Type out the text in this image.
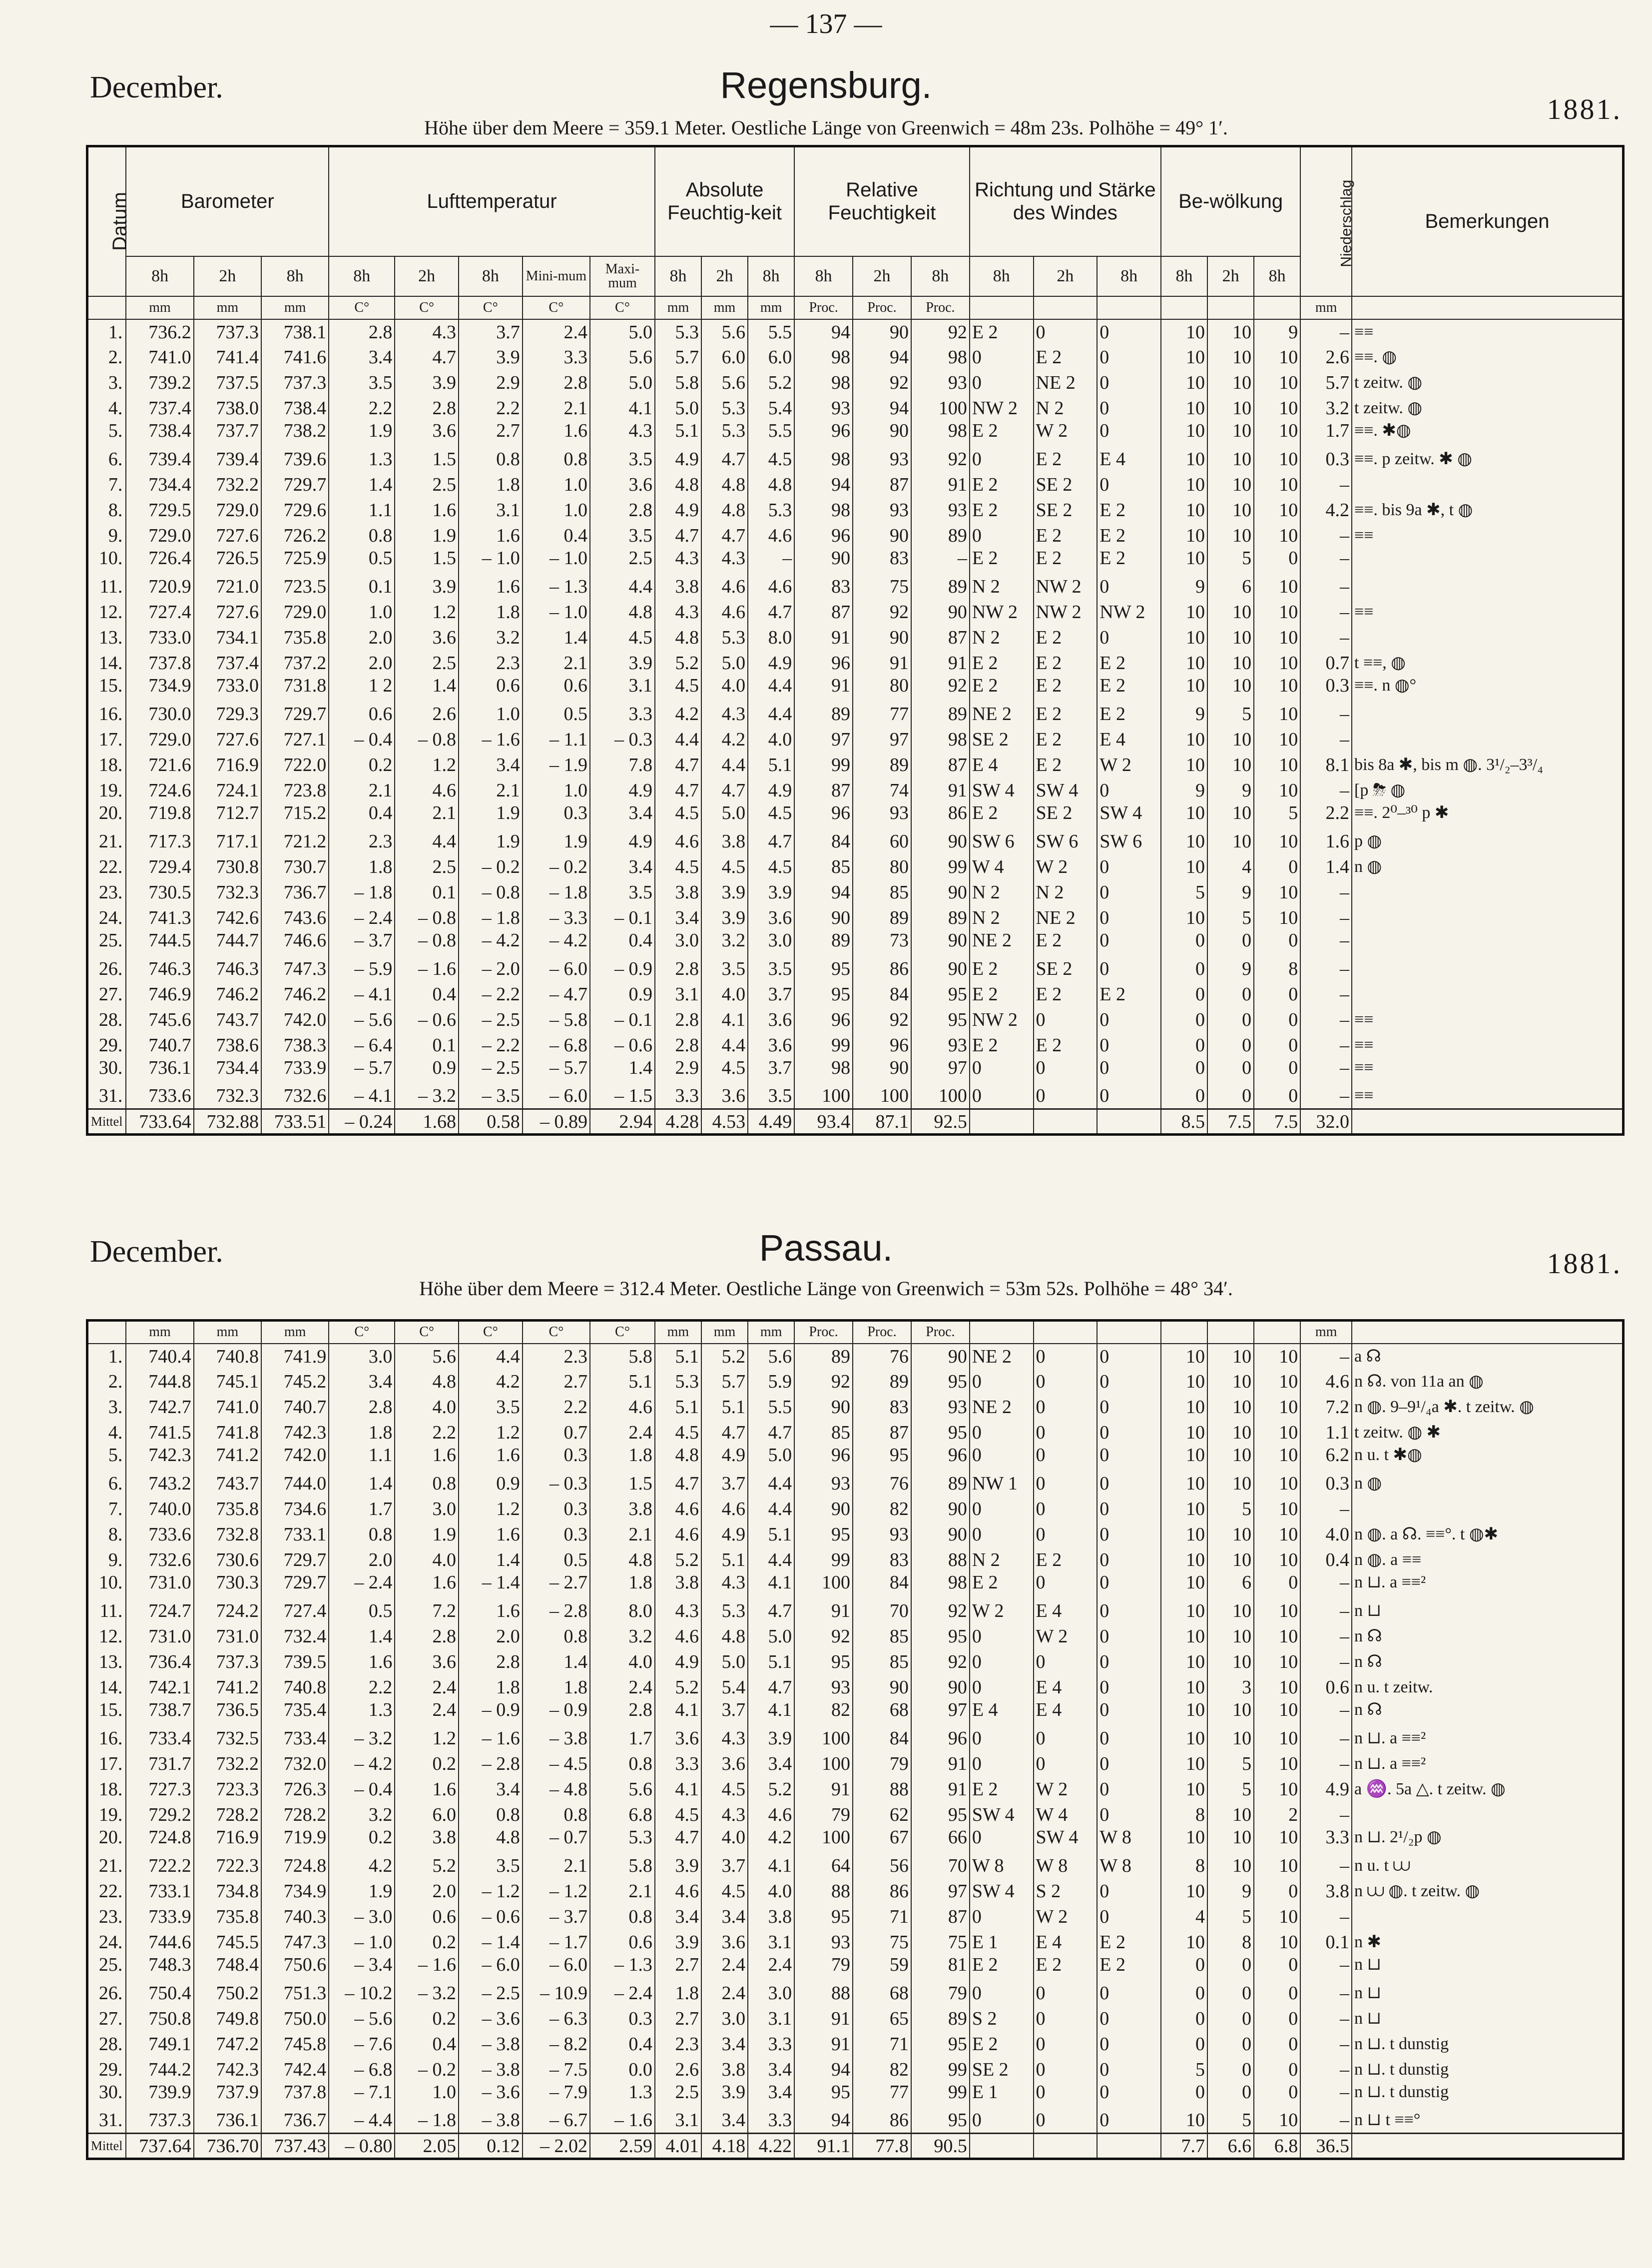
— 137 —
December.	Regensburg.
1881.
Höhe über dem Meere = 359.1 Meter. Oestliche Länge von Greenwich = 48m 23s. Polhöhe = 49° 1′.
Datum	Barometer			Lufttemperatur					Absolute Feuchtig-keit			Relative Feuchtigkeit			Richtung und Stärke des Windes			Be-wölkung			Niederschlag	Bemerkungen
	8h	2h	8h	8h	2h	8h	Mini-mum	Maxi-mum	8h	2h	8h	8h	2h	8h	8h	2h	8h	8h	2h	8h		
	mm	mm	mm	C°	C°	C°	C°	C°	mm	mm	mm	Proc.	Proc.	Proc.							mm	
1.	736.2	737.3	738.1	2.8	4.3	3.7	2.4	5.0	5.3	5.6	5.5	94	90	92	E 2	0	0	10	10	9	–	≡≡
2.	741.0	741.4	741.6	3.4	4.7	3.9	3.3	5.6	5.7	6.0	6.0	98	94	98	0	E 2	0	10	10	10	2.6	≡≡. ◍
3.	739.2	737.5	737.3	3.5	3.9	2.9	2.8	5.0	5.8	5.6	5.2	98	92	93	0	NE 2	0	10	10	10	5.7	t zeitw. ◍
4.	737.4	738.0	738.4	2.2	2.8	2.2	2.1	4.1	5.0	5.3	5.4	93	94	100	NW 2	N 2	0	10	10	10	3.2	t zeitw. ◍
5.	738.4	737.7	738.2	1.9	3.6	2.7	1.6	4.3	5.1	5.3	5.5	96	90	98	E 2	W 2	0	10	10	10	1.7	≡≡. ✱◍
6.	739.4	739.4	739.6	1.3	1.5	0.8	0.8	3.5	4.9	4.7	4.5	98	93	92	0	E 2	E 4	10	10	10	0.3	≡≡. p zeitw. ✱ ◍
7.	734.4	732.2	729.7	1.4	2.5	1.8	1.0	3.6	4.8	4.8	4.8	94	87	91	E 2	SE 2	0	10	10	10	–	
8.	729.5	729.0	729.6	1.1	1.6	3.1	1.0	2.8	4.9	4.8	5.3	98	93	93	E 2	SE 2	E 2	10	10	10	4.2	≡≡. bis 9a ✱, t ◍
9.	729.0	727.6	726.2	0.8	1.9	1.6	0.4	3.5	4.7	4.7	4.6	96	90	89	0	E 2	E 2	10	10	10	–	≡≡
10.	726.4	726.5	725.9	0.5	1.5	– 1.0	– 1.0	2.5	4.3	4.3	–	90	83	–	E 2	E 2	E 2	10	5	0	–	
11.	720.9	721.0	723.5	0.1	3.9	1.6	– 1.3	4.4	3.8	4.6	4.6	83	75	89	N 2	NW 2	0	9	6	10	–	
12.	727.4	727.6	729.0	1.0	1.2	1.8	– 1.0	4.8	4.3	4.6	4.7	87	92	90	NW 2	NW 2	NW 2	10	10	10	–	≡≡
13.	733.0	734.1	735.8	2.0	3.6	3.2	1.4	4.5	4.8	5.3	8.0	91	90	87	N 2	E 2	0	10	10	10	–	
14.	737.8	737.4	737.2	2.0	2.5	2.3	2.1	3.9	5.2	5.0	4.9	96	91	91	E 2	E 2	E 2	10	10	10	0.7	t ≡≡, ◍
15.	734.9	733.0	731.8	1 2	1.4	0.6	0.6	3.1	4.5	4.0	4.4	91	80	92	E 2	E 2	E 2	10	10	10	0.3	≡≡. n ◍°
16.	730.0	729.3	729.7	0.6	2.6	1.0	0.5	3.3	4.2	4.3	4.4	89	77	89	NE 2	E 2	E 2	9	5	10	–	
17.	729.0	727.6	727.1	– 0.4	– 0.8	– 1.6	– 1.1	– 0.3	4.4	4.2	4.0	97	97	98	SE 2	E 2	E 4	10	10	10	–	
18.	721.6	716.9	722.0	0.2	1.2	3.4	– 1.9	7.8	4.7	4.4	5.1	99	89	87	E 4	E 2	W 2	10	10	10	8.1	bis 8a ✱, bis m ◍. 3¹/₂–3³/₄
19.	724.6	724.1	723.8	2.1	4.6	2.1	1.0	4.9	4.7	4.7	4.9	87	74	91	SW 4	SW 4	0	9	9	10	–	[p ⛈ ◍
20.	719.8	712.7	715.2	0.4	2.1	1.9	0.3	3.4	4.5	5.0	4.5	96	93	86	E 2	SE 2	SW 4	10	10	5	2.2	≡≡. 2⁰–³⁰ p ✱
21.	717.3	717.1	721.2	2.3	4.4	1.9	1.9	4.9	4.6	3.8	4.7	84	60	90	SW 6	SW 6	SW 6	10	10	10	1.6	p ◍
22.	729.4	730.8	730.7	1.8	2.5	– 0.2	– 0.2	3.4	4.5	4.5	4.5	85	80	99	W 4	W 2	0	10	4	0	1.4	n ◍
23.	730.5	732.3	736.7	– 1.8	0.1	– 0.8	– 1.8	3.5	3.8	3.9	3.9	94	85	90	N 2	N 2	0	5	9	10	–	
24.	741.3	742.6	743.6	– 2.4	– 0.8	– 1.8	– 3.3	– 0.1	3.4	3.9	3.6	90	89	89	N 2	NE 2	0	10	5	10	–	
25.	744.5	744.7	746.6	– 3.7	– 0.8	– 4.2	– 4.2	0.4	3.0	3.2	3.0	89	73	90	NE 2	E 2	0	0	0	0	–	
26.	746.3	746.3	747.3	– 5.9	– 1.6	– 2.0	– 6.0	– 0.9	2.8	3.5	3.5	95	86	90	E 2	SE 2	0	0	9	8	–	
27.	746.9	746.2	746.2	– 4.1	0.4	– 2.2	– 4.7	0.9	3.1	4.0	3.7	95	84	95	E 2	E 2	E 2	0	0	0	–	
28.	745.6	743.7	742.0	– 5.6	– 0.6	– 2.5	– 5.8	– 0.1	2.8	4.1	3.6	96	92	95	NW 2	0	0	0	0	0	–	≡≡
29.	740.7	738.6	738.3	– 6.4	0.1	– 2.2	– 6.8	– 0.6	2.8	4.4	3.6	99	96	93	E 2	E 2	0	0	0	0	–	≡≡
30.	736.1	734.4	733.9	– 5.7	0.9	– 2.5	– 5.7	1.4	2.9	4.5	3.7	98	90	97	0	0	0	0	0	0	–	≡≡
31.	733.6	732.3	732.6	– 4.1	– 3.2	– 3.5	– 6.0	– 1.5	3.3	3.6	3.5	100	100	100	0	0	0	0	0	0	–	≡≡
Mittel	733.64	732.88	733.51	– 0.24	1.68	0.58	– 0.89	2.94	4.28	4.53	4.49	93.4	87.1	92.5				8.5	7.5	7.5	32.0	
December.	Passau.	1881.
Höhe über dem Meere = 312.4 Meter. Oestliche Länge von Greenwich = 53m 52s. Polhöhe = 48° 34′.
	mm	mm	mm	C°	C°	C°	C°	C°	mm	mm	mm	Proc.	Proc.	Proc.							mm	
1.	740.4	740.8	741.9	3.0	5.6	4.4	2.3	5.8	5.1	5.2	5.6	89	76	90	NE 2	0	0	10	10	10	–	a ☊
2.	744.8	745.1	745.2	3.4	4.8	4.2	2.7	5.1	5.3	5.7	5.9	92	89	95	0	0	0	10	10	10	4.6	n ☊. von 11a an ◍
3.	742.7	741.0	740.7	2.8	4.0	3.5	2.2	4.6	5.1	5.1	5.5	90	83	93	NE 2	0	0	10	10	10	7.2	n ◍. 9–9¹/₄a ✱. t zeitw. ◍
4.	741.5	741.8	742.3	1.8	2.2	1.2	0.7	2.4	4.5	4.7	4.7	85	87	95	0	0	0	10	10	10	1.1	t zeitw. ◍ ✱
5.	742.3	741.2	742.0	1.1	1.6	1.6	0.3	1.8	4.8	4.9	5.0	96	95	96	0	0	0	10	10	10	6.2	n u. t ✱◍
6.	743.2	743.7	744.0	1.4	0.8	0.9	– 0.3	1.5	4.7	3.7	4.4	93	76	89	NW 1	0	0	10	10	10	0.3	n ◍
7.	740.0	735.8	734.6	1.7	3.0	1.2	0.3	3.8	4.6	4.6	4.4	90	82	90	0	0	0	10	5	10	–	
8.	733.6	732.8	733.1	0.8	1.9	1.6	0.3	2.1	4.6	4.9	5.1	95	93	90	0	0	0	10	10	10	4.0	n ◍. a ☊. ≡≡°. t ◍✱
9.	732.6	730.6	729.7	2.0	4.0	1.4	0.5	4.8	5.2	5.1	4.4	99	83	88	N 2	E 2	0	10	10	10	0.4	n ◍. a ≡≡
10.	731.0	730.3	729.7	– 2.4	1.6	– 1.4	– 2.7	1.8	3.8	4.3	4.1	100	84	98	E 2	0	0	10	6	0	–	n ⊔. a ≡≡²
11.	724.7	724.2	727.4	0.5	7.2	1.6	– 2.8	8.0	4.3	5.3	4.7	91	70	92	W 2	E 4	0	10	10	10	–	n ⊔
12.	731.0	731.0	732.4	1.4	2.8	2.0	0.8	3.2	4.6	4.8	5.0	92	85	95	0	W 2	0	10	10	10	–	n ☊
13.	736.4	737.3	739.5	1.6	3.6	2.8	1.4	4.0	4.9	5.0	5.1	95	85	92	0	0	0	10	10	10	–	n ☊
14.	742.1	741.2	740.8	2.2	2.4	1.8	1.8	2.4	5.2	5.4	4.7	93	90	90	0	E 4	0	10	3	10	0.6	n u. t zeitw.
15.	738.7	736.5	735.4	1.3	2.4	– 0.9	– 0.9	2.8	4.1	3.7	4.1	82	68	97	E 4	E 4	0	10	10	10	–	n ☊
16.	733.4	732.5	733.4	– 3.2	1.2	– 1.6	– 3.8	1.7	3.6	4.3	3.9	100	84	96	0	0	0	10	10	10	–	n ⊔. a ≡≡²
17.	731.7	732.2	732.0	– 4.2	0.2	– 2.8	– 4.5	0.8	3.3	3.6	3.4	100	79	91	0	0	0	10	5	10	–	n ⊔. a ≡≡²
18.	727.3	723.3	726.3	– 0.4	1.6	3.4	– 4.8	5.6	4.1	4.5	5.2	91	88	91	E 2	W 2	0	10	5	10	4.9	a ♒. 5a △. t zeitw. ◍
19.	729.2	728.2	728.2	3.2	6.0	0.8	0.8	6.8	4.5	4.3	4.6	79	62	95	SW 4	W 4	0	8	10	2	–	
20.	724.8	716.9	719.9	0.2	3.8	4.8	– 0.7	5.3	4.7	4.0	4.2	100	67	66	0	SW 4	W 8	10	10	10	3.3	n ⊔. 2¹/₂p ◍
21.	722.2	722.3	724.8	4.2	5.2	3.5	2.1	5.8	3.9	3.7	4.1	64	56	70	W 8	W 8	W 8	8	10	10	–	n u. t ⩊
22.	733.1	734.8	734.9	1.9	2.0	– 1.2	– 1.2	2.1	4.6	4.5	4.0	88	86	97	SW 4	S 2	0	10	9	0	3.8	n ⩊ ◍. t zeitw. ◍
23.	733.9	735.8	740.3	– 3.0	0.6	– 0.6	– 3.7	0.8	3.4	3.4	3.8	95	71	87	0	W 2	0	4	5	10	–	
24.	744.6	745.5	747.3	– 1.0	0.2	– 1.4	– 1.7	0.6	3.9	3.6	3.1	93	75	75	E 1	E 4	E 2	10	8	10	0.1	n ✱
25.	748.3	748.4	750.6	– 3.4	– 1.6	– 6.0	– 6.0	– 1.3	2.7	2.4	2.4	79	59	81	E 2	E 2	E 2	0	0	0	–	n ⊔
26.	750.4	750.2	751.3	– 10.2	– 3.2	– 2.5	– 10.9	– 2.4	1.8	2.4	3.0	88	68	79	0	0	0	0	0	0	–	n ⊔
27.	750.8	749.8	750.0	– 5.6	0.2	– 3.6	– 6.3	0.3	2.7	3.0	3.1	91	65	89	S 2	0	0	0	0	0	–	n ⊔
28.	749.1	747.2	745.8	– 7.6	0.4	– 3.8	– 8.2	0.4	2.3	3.4	3.3	91	71	95	E 2	0	0	0	0	0	–	n ⊔. t dunstig
29.	744.2	742.3	742.4	– 6.8	– 0.2	– 3.8	– 7.5	0.0	2.6	3.8	3.4	94	82	99	SE 2	0	0	5	0	0	–	n ⊔. t dunstig
30.	739.9	737.9	737.8	– 7.1	1.0	– 3.6	– 7.9	1.3	2.5	3.9	3.4	95	77	99	E 1	0	0	0	0	0	–	n ⊔. t dunstig
31.	737.3	736.1	736.7	– 4.4	– 1.8	– 3.8	– 6.7	– 1.6	3.1	3.4	3.3	94	86	95	0	0	0	10	5	10	–	n ⊔ t ≡≡°
Mittel	737.64	736.70	737.43	– 0.80	2.05	0.12	– 2.02	2.59	4.01	4.18	4.22	91.1	77.8	90.5				7.7	6.6	6.8	36.5	
